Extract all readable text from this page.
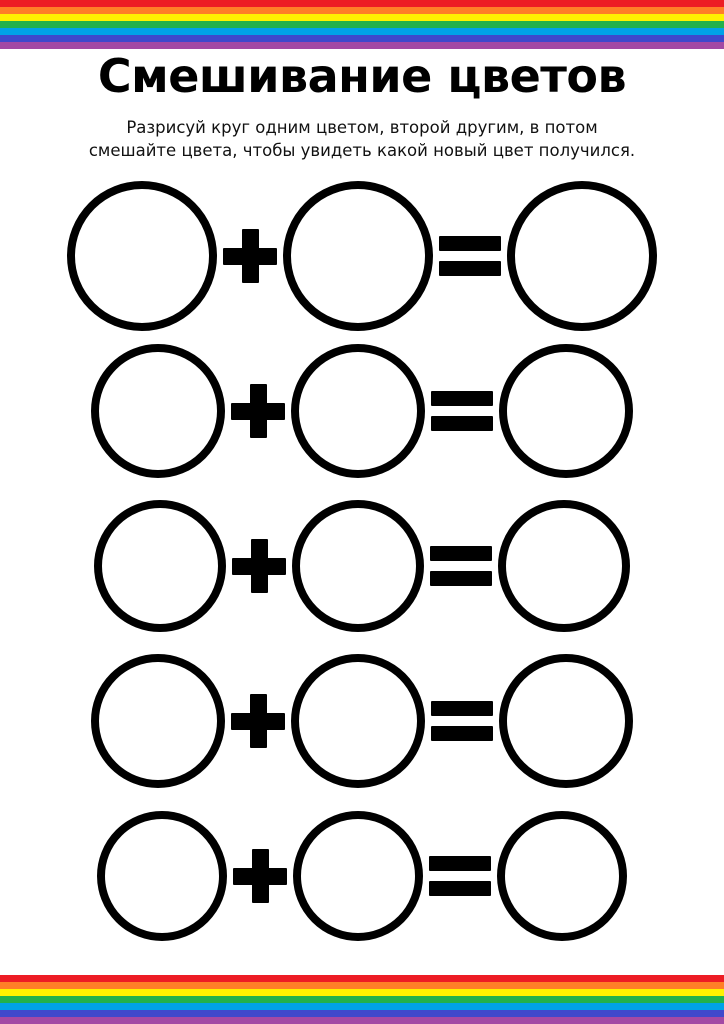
Смешивание цветов

Разрисуй круг одним цветом, второй другим, в потом смешайте цвета, чтобы увидеть какой новый цвет получился.
